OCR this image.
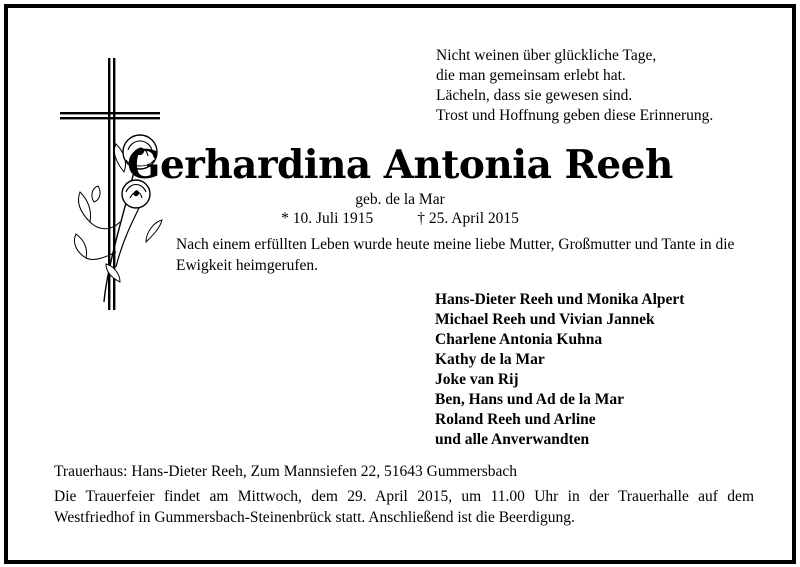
Nicht weinen über glückliche Tage,
die man gemeinsam erlebt hat.
Lächeln, dass sie gewesen sind.
Trost und Hoffnung geben diese Erinnerung.
Gerhardina Antonia Reeh
geb. de la Mar
* 10. Juli 1915	† 25. April 2015
Nach einem erfüllten Leben wurde heute meine liebe Mutter, Großmutter und Tante in die Ewigkeit heimgerufen.
Hans-Dieter Reeh und Monika Alpert
Michael Reeh und Vivian Jannek
Charlene Antonia Kuhna
Kathy de la Mar
Joke van Rij
Ben, Hans und Ad de la Mar
Roland Reeh und Arline
und alle Anverwandten
Trauerhaus: Hans-Dieter Reeh, Zum Mannsiefen 22, 51643 Gummersbach
Die Trauerfeier findet am Mittwoch, dem 29. April 2015, um 11.00 Uhr in der Trauerhalle auf dem
Westfriedhof in Gummersbach-Steinenbrück statt. Anschließend ist die Beerdigung.
